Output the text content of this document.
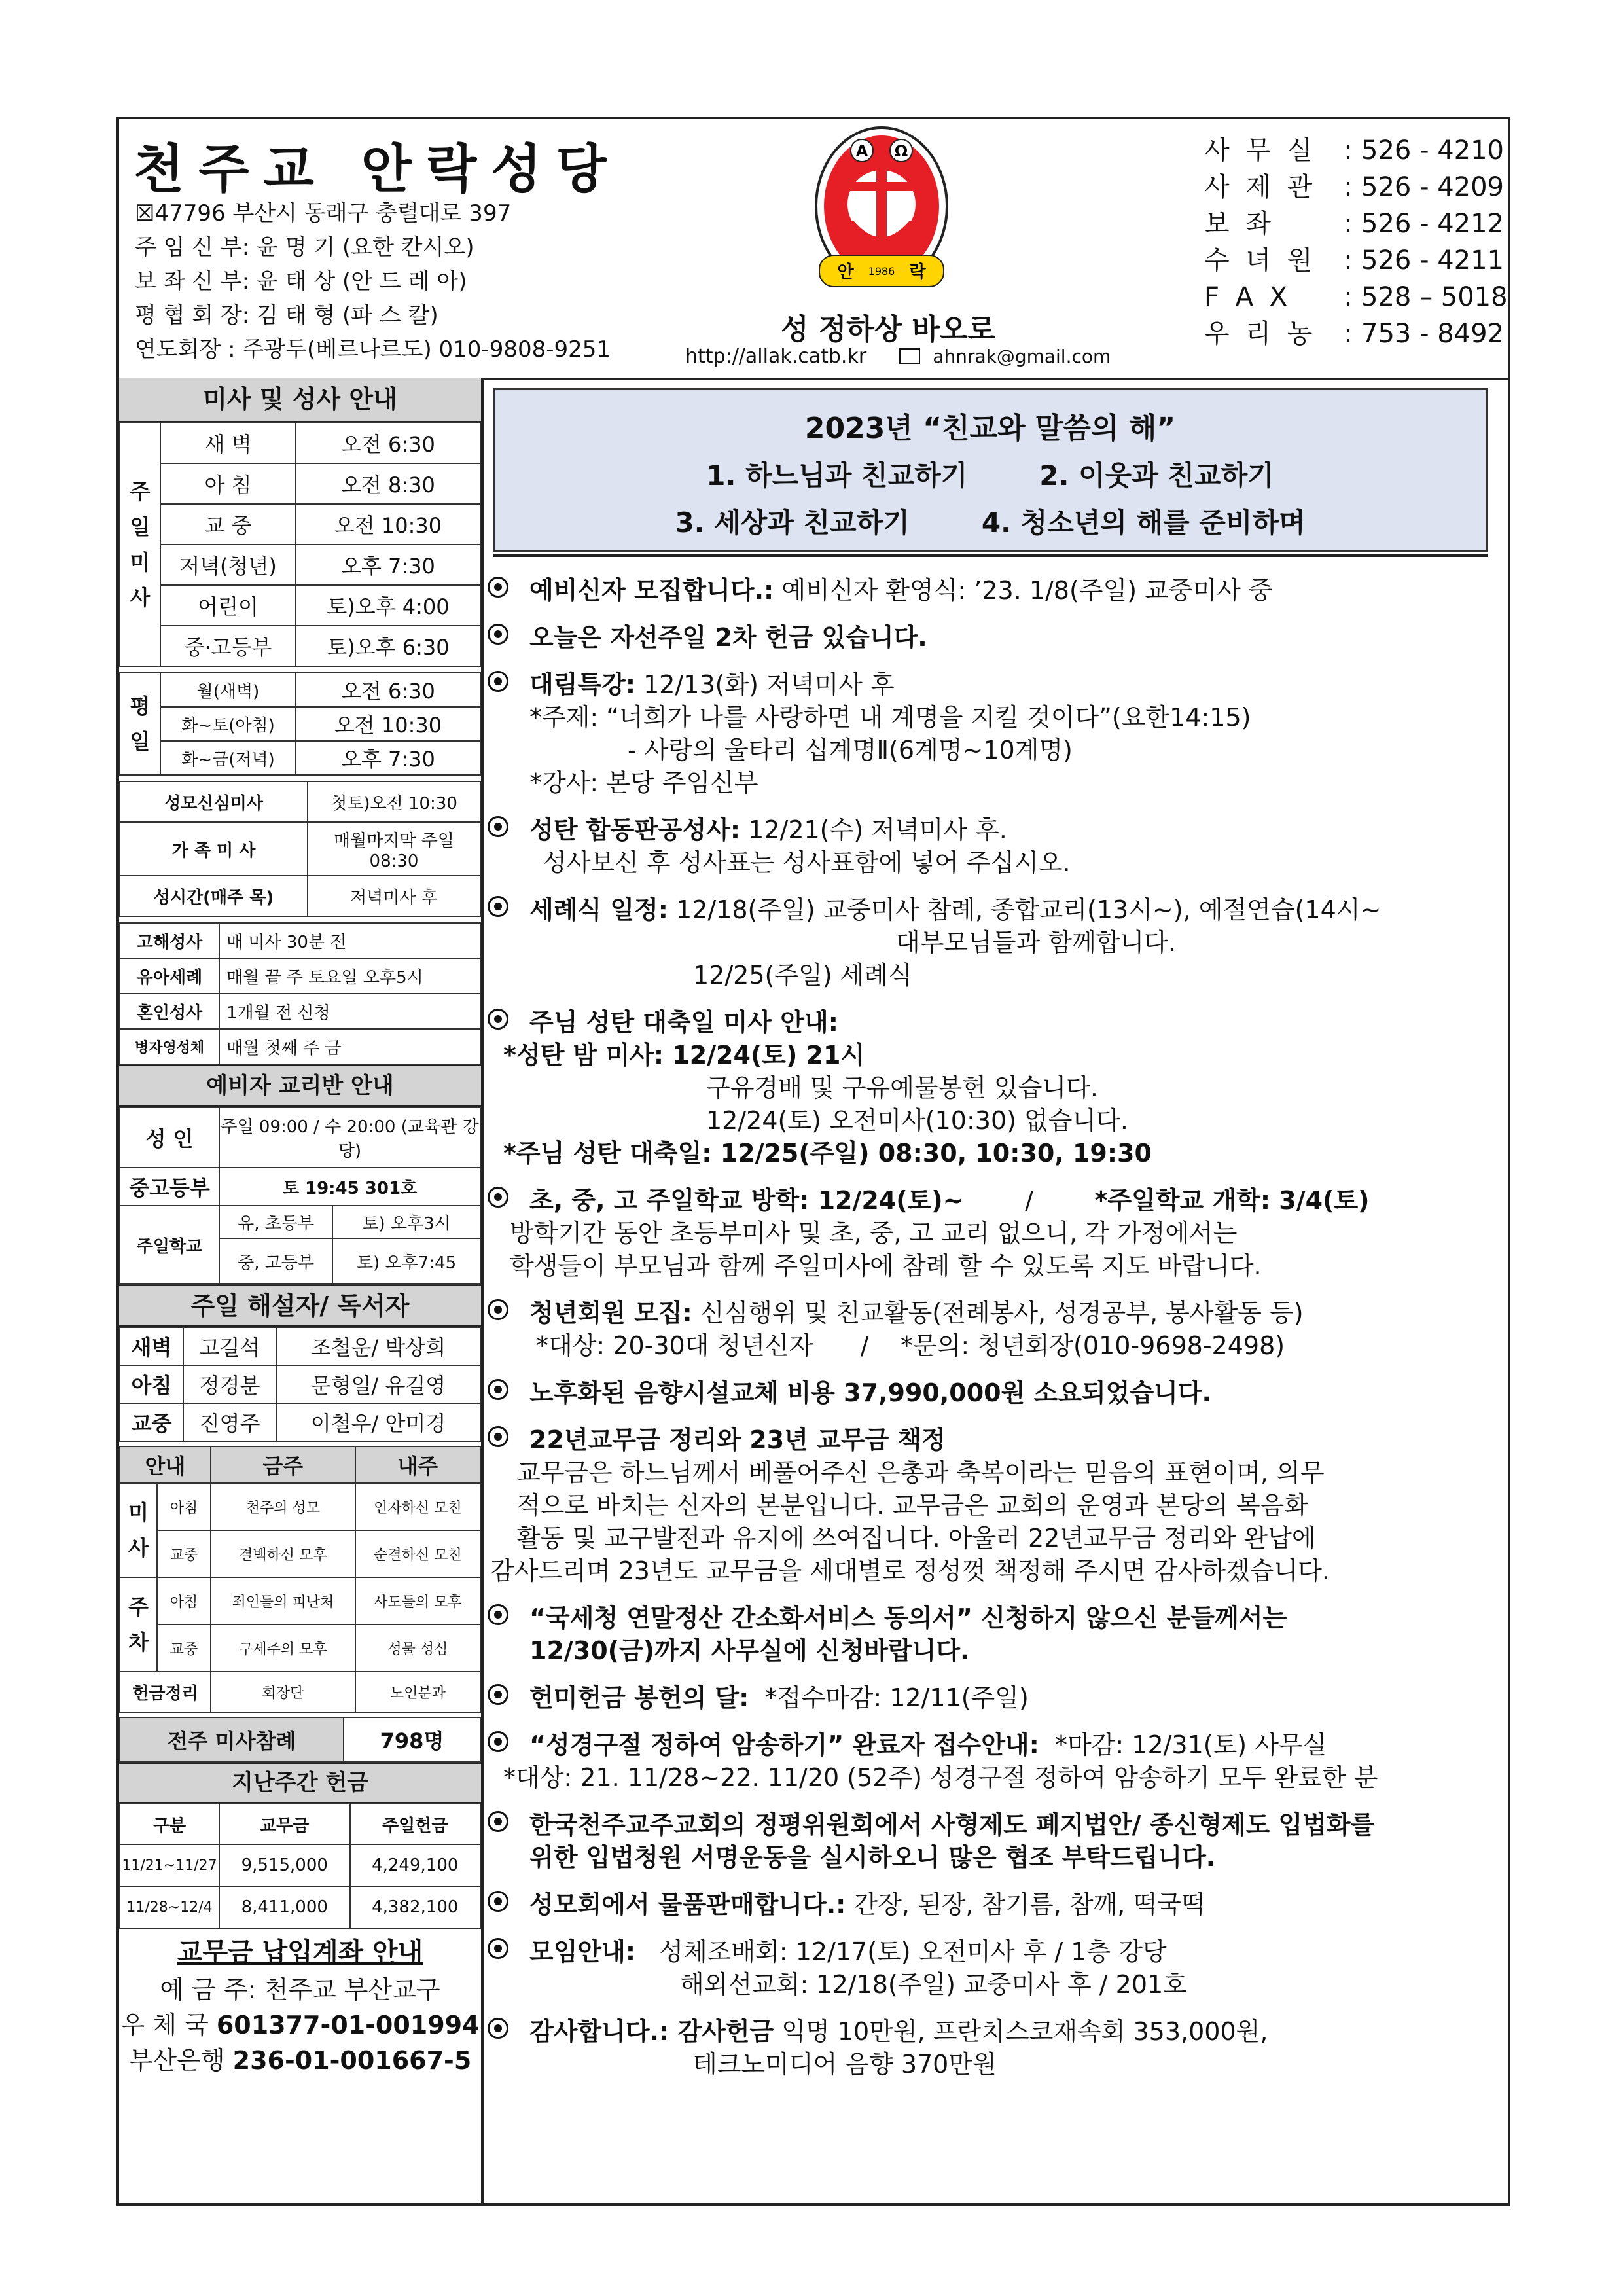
천주교 안락성당
☒47796 부산시 동래구 충렬대로 397
주 임 신 부: 윤 명 기 (요한 칸시오)
보 좌 신 부: 윤 태 상 (안 드 레 아)
평 협 회 장: 김 태 형 (파 스 칼)
연도회장 : 주광두(베르나르도) 010-9808-9251
A Ω
안 1986 락
성 정하상 바오로
http://allak.catb.kr	ahnrak@gmail.com
사 무 실	: 526 - 4210
사 제 관	: 526 - 4209
보 좌	: 526 - 4212
수 녀 원	: 526 - 4211
F A X	: 528 – 5018
우 리 농	: 753 - 8492
미사 및 성사 안내
주
일
미
사	새 벽	오전 6:30
	아 침	오전 8:30
	교 중	오전 10:30
	저녁(청년)	오후 7:30
	어린이	토)오후 4:00
	중·고등부	토)오후 6:30
평
일	월(새벽)	오전 6:30
	화~토(아침)	오전 10:30
	화~금(저녁)	오후 7:30
성모신심미사	첫토)오전 10:30
가 족 미 사	매월마지막 주일 08:30
성시간(매주 목)	저녁미사 후
고해성사	매 미사 30분 전
유아세례	매월 끝 주 토요일 오후5시
혼인성사	1개월 전 신청
병자영성체	매월 첫째 주 금
예비자 교리반 안내
성 인	주일 09:00 / 수 20:00 (교육관 강당)	
중고등부	토 19:45 301호	
주일학교	유, 초등부	토) 오후3시
	중, 고등부	토) 오후7:45
주일 해설자/ 독서자
새벽	고길석	조철운/ 박상희
아침	정경분	문형일/ 유길영
교중	진영주	이철우/ 안미경
안내		금주	내주
미
사	아침	천주의 성모	인자하신 모친
	교중	결백하신 모후	순결하신 모친
주
차	아침	죄인들의 피난처	사도들의 모후
	교중	구세주의 모후	성물 성심
헌금정리		회장단	노인분과
전주 미사참례	798명
지난주간 헌금
구분	교무금	주일헌금
11/21~11/27	9,515,000	4,249,100
11/28~12/4	8,411,000	4,382,100
교무금 납입계좌 안내
예 금 주: 천주교 부산교구
우 체 국 601377-01-001994
부산은행 236-01-001667-5
2023년 “친교와 말씀의 해”
1. 하느님과 친교하기	2. 이웃과 친교하기
3. 세상과 친교하기	4. 청소년의 해를 준비하며
예비신자 모집합니다.: 예비신자 환영식: ’23. 1/8(주일) 교중미사 중
오늘은 자선주일 2차 헌금 있습니다.
대림특강: 12/13(화) 저녁미사 후
*주제: “너희가 나를 사랑하면 내 계명을 지킬 것이다”(요한14:15)
- 사랑의 울타리 십계명Ⅱ(6계명~10계명)
*강사: 본당 주임신부
성탄 합동판공성사: 12/21(수) 저녁미사 후.
성사보신 후 성사표는 성사표함에 넣어 주십시오.
세례식 일정: 12/18(주일) 교중미사 참례, 종합교리(13시~), 예절연습(14시~
대부모님들과 함께합니다.
12/25(주일) 세례식
주님 성탄 대축일 미사 안내:
*성탄 밤 미사: 12/24(토) 21시
구유경배 및 구유예물봉헌 있습니다.
12/24(토) 오전미사(10:30) 없습니다.
*주님 성탄 대축일: 12/25(주일) 08:30, 10:30, 19:30
초, 중, 고 주일학교 방학: 12/24(토)~ / *주일학교 개학: 3/4(토)
방학기간 동안 초등부미사 및 초, 중, 고 교리 없으니, 각 가정에서는
학생들이 부모님과 함께 주일미사에 참례 할 수 있도록 지도 바랍니다.
청년회원 모집: 신심행위 및 친교활동(전례봉사, 성경공부, 봉사활동 등)
*대상: 20-30대 청년신자      /    *문의: 청년회장(010-9698-2498)
노후화된 음향시설교체 비용 37,990,000원 소요되었습니다.
22년교무금 정리와 23년 교무금 책정
교무금은 하느님께서 베풀어주신 은총과 축복이라는 믿음의 표현이며, 의무
적으로 바치는 신자의 본분입니다. 교무금은 교회의 운영과 본당의 복음화
활동 및 교구발전과 유지에 쓰여집니다. 아울러 22년교무금 정리와 완납에
감사드리며 23년도 교무금을 세대별로 정성껏 책정해 주시면 감사하겠습니다.
“국세청 연말정산 간소화서비스 동의서” 신청하지 않으신 분들께서는
12/30(금)까지 사무실에 신청바랍니다.
헌미헌금 봉헌의 달:  *접수마감: 12/11(주일)
“성경구절 정하여 암송하기” 완료자 접수안내:  *마감: 12/31(토) 사무실
*대상: 21. 11/28~22. 11/20 (52주) 성경구절 정하여 암송하기 모두 완료한 분
한국천주교주교회의 정평위원회에서 사형제도 폐지법안/ 종신형제도 입법화를
위한 입법청원 서명운동을 실시하오니 많은 협조 부탁드립니다.
성모회에서 물품판매합니다.: 간장, 된장, 참기름, 참깨, 떡국떡
모임안내:   성체조배회: 12/17(토) 오전미사 후 / 1층 강당
해외선교회: 12/18(주일) 교중미사 후 / 201호
감사합니다.: 감사헌금 익명 10만원, 프란치스코재속회 353,000원,
테크노미디어 음향 370만원
